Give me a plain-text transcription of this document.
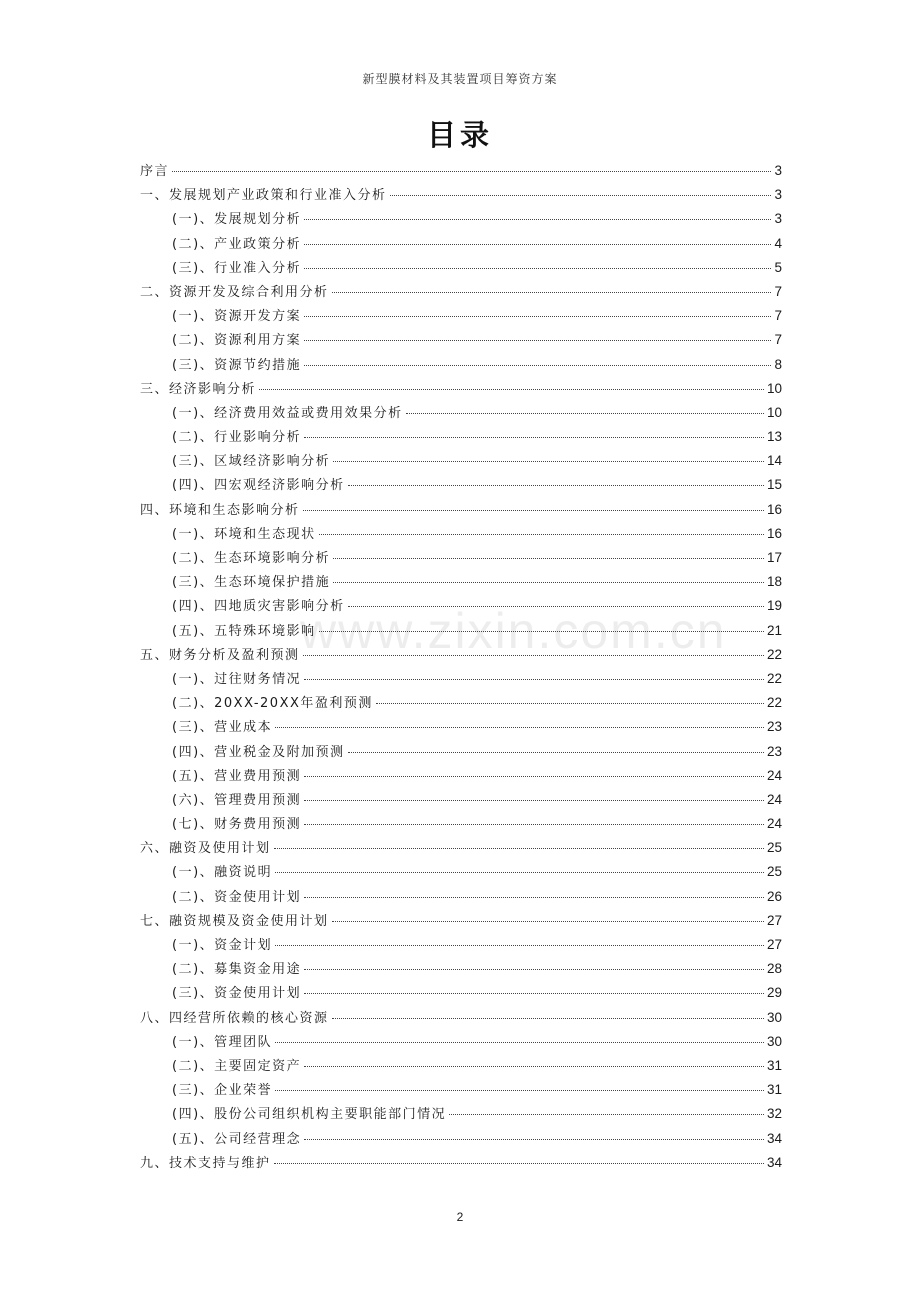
新型膜材料及其装置项目筹资方案
目录
www.zixin.com.cn
序言	3
一、发展规划产业政策和行业准入分析	3
(一)、发展规划分析	3
(二)、产业政策分析	4
(三)、行业准入分析	5
二、资源开发及综合利用分析	7
(一)、资源开发方案	7
(二)、资源利用方案	7
(三)、资源节约措施	8
三、经济影响分析	10
(一)、经济费用效益或费用效果分析	10
(二)、行业影响分析	13
(三)、区域经济影响分析	14
(四)、四宏观经济影响分析	15
四、环境和生态影响分析	16
(一)、环境和生态现状	16
(二)、生态环境影响分析	17
(三)、生态环境保护措施	18
(四)、四地质灾害影响分析	19
(五)、五特殊环境影响	21
五、财务分析及盈利预测	22
(一)、过往财务情况	22
(二)、20XX-20XX年盈利预测	22
(三)、营业成本	23
(四)、营业税金及附加预测	23
(五)、营业费用预测	24
(六)、管理费用预测	24
(七)、财务费用预测	24
六、融资及使用计划	25
(一)、融资说明	25
(二)、资金使用计划	26
七、融资规模及资金使用计划	27
(一)、资金计划	27
(二)、募集资金用途	28
(三)、资金使用计划	29
八、四经营所依赖的核心资源	30
(一)、管理团队	30
(二)、主要固定资产	31
(三)、企业荣誉	31
(四)、股份公司组织机构主要职能部门情况	32
(五)、公司经营理念	34
九、技术支持与维护	34
2
